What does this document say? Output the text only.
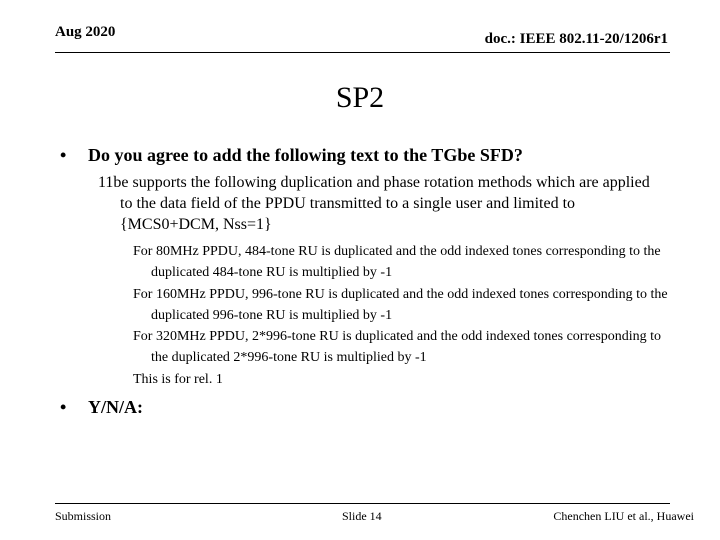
Aug 2020	doc.: IEEE 802.11-20/1206r1
SP2
• Do you agree to add the following text to the TGbe SFD?

11be supports the following duplication and phase rotation methods which are applied to the data field of the PPDU transmitted to a single user and limited to {MCS0+DCM, Nss=1}

For 80MHz PPDU, 484-tone RU is duplicated and the odd indexed tones corresponding to the duplicated 484-tone RU is multiplied by -1

For 160MHz PPDU, 996-tone RU is duplicated and the odd indexed tones corresponding to the duplicated 996-tone RU is multiplied by -1

For 320MHz PPDU, 2*996-tone RU is duplicated and the odd indexed tones corresponding to the duplicated 2*996-tone RU is multiplied by -1

This is for rel. 1

• Y/N/A:
Submission	Slide 14	Chenchen LIU et al., Huawei
